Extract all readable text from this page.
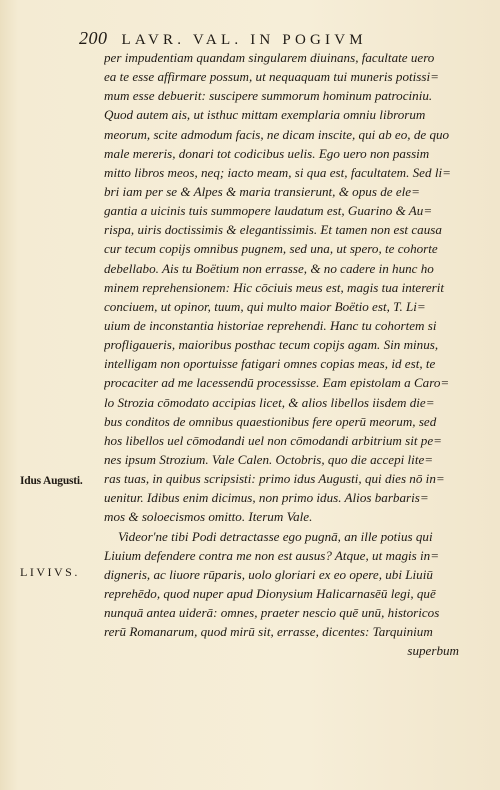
200 LAVR. VAL. IN POGIVM
Idus Augusti.
LIVIVS.
per impudentiam quandam singularem diuinans, facultate uero
ea te esse affirmare possum, ut nequaquam tui muneris potissi=
mum esse debuerit: suscipere summorum hominum patrociniu.
Quod autem ais, ut isthuc mittam exemplaria omniu librorum
meorum, scite admodum facis, ne dicam inscite, qui ab eo, de quo
male mereris, donari tot codicibus uelis. Ego uero non passim
mitto libros meos, neq; iacto meam, si qua est, facultatem. Sed li=
bri iam per se & Alpes & maria transierunt, & opus de ele=
gantia a uicinis tuis summopere laudatum est, Guarino & Au=
rispa, uiris doctissimis & elegantissimis. Et tamen non est causa
cur tecum copijs omnibus pugnem, sed una, ut spero, te cohorte
debellabo. Ais tu Boëtium non errasse, & no cadere in hunc ho
minem reprehensionem: Hic cōciuis meus est, magis tua intererit
conciuem, ut opinor, tuum, qui multo maior Boëtio est, T. Li=
uium de inconstantia historiae reprehendi. Hanc tu cohortem si
profligaueris, maioribus posthac tecum copijs agam. Sin minus,
intelligam non oportuisse fatigari omnes copias meas, id est, te
procaciter ad me lacessendū processisse. Eam epistolam a Caro=
lo Strozia cōmodato accipias licet, & alios libellos iisdem die=
bus conditos de omnibus quaestionibus fere operū meorum, sed
hos libellos uel cōmodandi uel non cōmodandi arbitrium sit pe=
nes ipsum Strozium. Vale Calen. Octobris, quo die accepi lite=
ras tuas, in quibus scripsisti: primo idus Augusti, qui dies nō in=
uenitur. Idibus enim dicimus, non primo idus. Alios barbaris=
mos & soloecismos omitto. Iterum Vale.
Videor'ne tibi Podi detractasse ego pugnā, an ille potius qui
Liuium defendere contra me non est ausus? Atque, ut magis in=
digneris, ac liuore rūparis, uolo gloriari ex eo opere, ubi Liuiū
reprehēdo, quod nuper apud Dionysium Halicarnasēū legi, quē
nunquā antea uiderā: omnes, praeter nescio quē unū, historicos
rerū Romanarum, quod mirū sit, errasse, dicentes: Tarquinium
superbum
